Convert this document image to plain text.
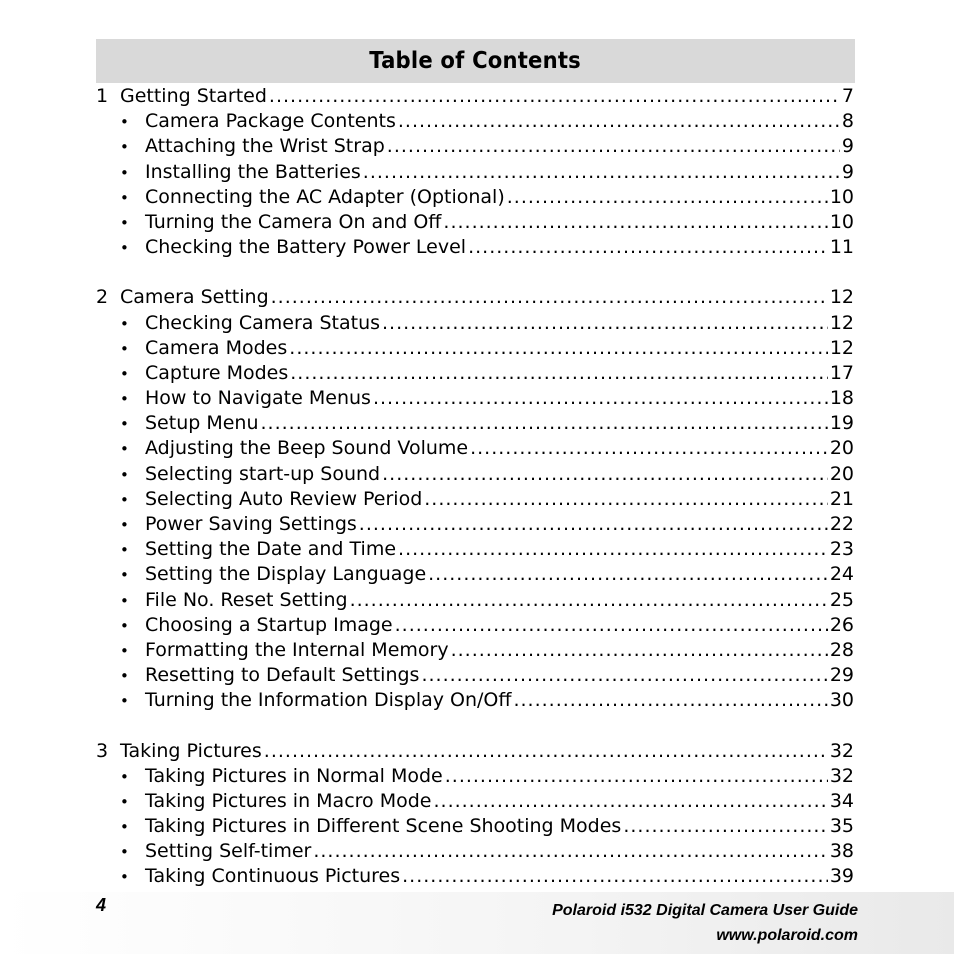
Table of Contents
1 Getting Started .....	7
• Camera Package Contents .....	8
• Attaching the Wrist Strap .....	9
• Installing the Batteries .....	9
• Connecting the AC Adapter (Optional) .....	10
• Turning the Camera On and Off .....	10
• Checking the Battery Power Level .....	11
2 Camera Setting .....	12
• Checking Camera Status .....	12
• Camera Modes .....	12
• Capture Modes .....	17
• How to Navigate Menus .....	18
• Setup Menu .....	19
• Adjusting the Beep Sound Volume .....	20
• Selecting start-up Sound .....	20
• Selecting Auto Review Period .....	21
• Power Saving Settings .....	22
• Setting the Date and Time .....	23
• Setting the Display Language .....	24
• File No. Reset Setting .....	25
• Choosing a Startup Image .....	26
• Formatting the Internal Memory .....	28
• Resetting to Default Settings .....	29
• Turning the Information Display On/Off .....	30
3 Taking Pictures .....	32
• Taking Pictures in Normal Mode .....	32
• Taking Pictures in Macro Mode .....	34
• Taking Pictures in Different Scene Shooting Modes .....	35
• Setting Self-timer .....	38
• Taking Continuous Pictures .....	39
4	Polaroid i532 Digital Camera User Guide
www.polaroid.com
